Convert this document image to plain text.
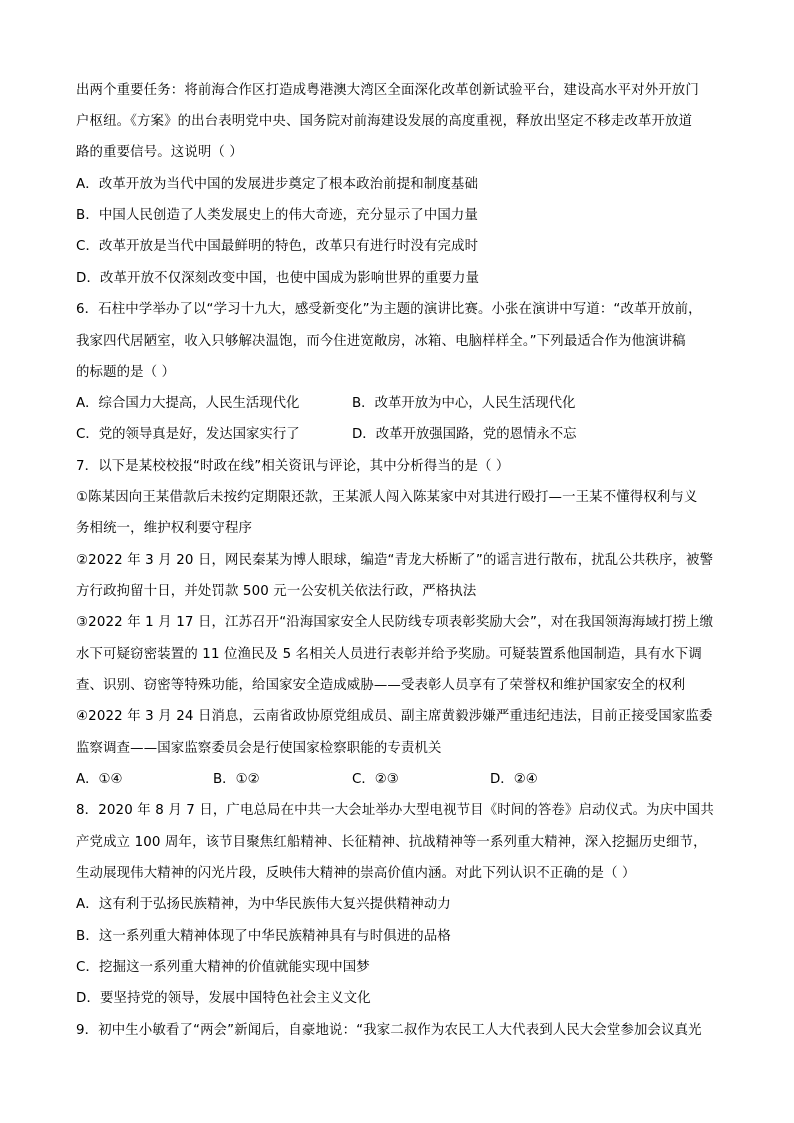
出两个重要任务：将前海合作区打造成粤港澳大湾区全面深化改革创新试验平台，建设高水平对外开放门
户枢纽。《方案》的出台表明党中央、国务院对前海建设发展的高度重视，释放出坚定不移走改革开放道
路的重要信号。这说明（ ）
A．改革开放为当代中国的发展进步奠定了根本政治前提和制度基础
B．中国人民创造了人类发展史上的伟大奇迹，充分显示了中国力量
C．改革开放是当代中国最鲜明的特色，改革只有进行时没有完成时
D．改革开放不仅深刻改变中国，也使中国成为影响世界的重要力量
6．石柱中学举办了以“学习十九大，感受新变化”为主题的演讲比赛。小张在演讲中写道：“改革开放前，
我家四代居陋室，收入只够解决温饱，而今住进宽敞房，冰箱、电脑样样全。”下列最适合作为他演讲稿
的标题的是（ ）
A．综合国力大提高，人民生活现代化	B．改革开放为中心，人民生活现代化
C．党的领导真是好，发达国家实行了	D．改革开放强国路，党的恩情永不忘
7．以下是某校校报“时政在线”相关资讯与评论，其中分析得当的是（ ）
①陈某因向王某借款后未按约定期限还款，王某派人闯入陈某家中对其进行殴打—一王某不懂得权利与义
务相统一，维护权利要守程序
②2022 年 3 月 20 日，网民秦某为博人眼球，编造“青龙大桥断了”的谣言进行散布，扰乱公共秩序，被警
方行政拘留十日，并处罚款 500 元一公安机关依法行政，严格执法
③2022 年 1 月 17 日，江苏召开“沿海国家安全人民防线专项表彰奖励大会”，对在我国领海海域打捞上缴
水下可疑窃密装置的 11 位渔民及 5 名相关人员进行表彰并给予奖励。可疑装置系他国制造，具有水下调
查、识别、窃密等特殊功能，给国家安全造成威胁——受表彰人员享有了荣誉权和维护国家安全的权利
④2022 年 3 月 24 日消息，云南省政协原党组成员、副主席黄毅涉嫌严重违纪违法，目前正接受国家监委
监察调查——国家监察委员会是行使国家检察职能的专责机关
A．①④	B．①②	C．②③	D．②④
8．2020 年 8 月 7 日，广电总局在中共一大会址举办大型电视节目《时间的答卷》启动仪式。为庆中国共
产党成立 100 周年，该节目聚焦红船精神、长征精神、抗战精神等一系列重大精神，深入挖掘历史细节，
生动展现伟大精神的闪光片段，反映伟大精神的崇高价值内涵。对此下列认识不正确的是（ ）
A．这有利于弘扬民族精神，为中华民族伟大复兴提供精神动力
B．这一系列重大精神体现了中华民族精神具有与时俱进的品格
C．挖掘这一系列重大精神的价值就能实现中国梦
D．要坚持党的领导，发展中国特色社会主义文化
9．初中生小敏看了“两会”新闻后，自豪地说：“我家二叔作为农民工人大代表到人民大会堂参加会议真光
